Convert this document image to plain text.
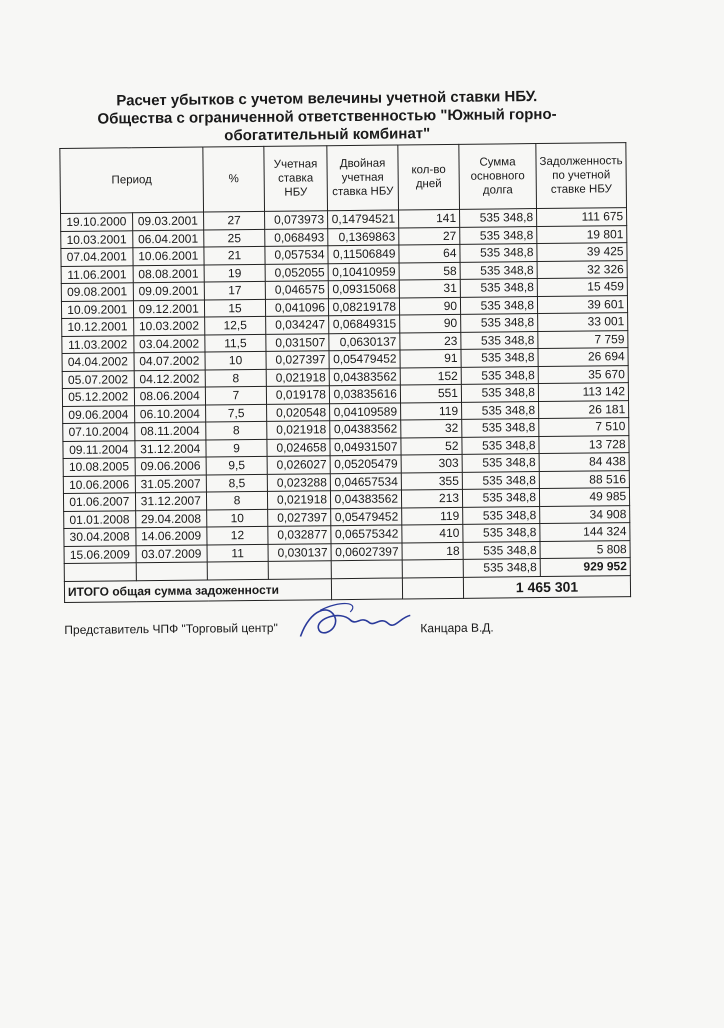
Расчет убытков с учетом велечины учетной ставки НБУ.
Общества с ограниченной ответственностью "Южный горно-
обогатительный комбинат"
Период		%	Учетная ставка НБУ	Двойная учетная ставка НБУ	кол-во дней	Сумма основного долга	Задолженность по учетной ставке НБУ
19.10.2000	09.03.2001	27	0,073973	0,14794521	141	535 348,8	111 675
10.03.2001	06.04.2001	25	0,068493	0,1369863	27	535 348,8	19 801
07.04.2001	10.06.2001	21	0,057534	0,11506849	64	535 348,8	39 425
11.06.2001	08.08.2001	19	0,052055	0,10410959	58	535 348,8	32 326
09.08.2001	09.09.2001	17	0,046575	0,09315068	31	535 348,8	15 459
10.09.2001	09.12.2001	15	0,041096	0,08219178	90	535 348,8	39 601
10.12.2001	10.03.2002	12,5	0,034247	0,06849315	90	535 348,8	33 001
11.03.2002	03.04.2002	11,5	0,031507	0,0630137	23	535 348,8	7 759
04.04.2002	04.07.2002	10	0,027397	0,05479452	91	535 348,8	26 694
05.07.2002	04.12.2002	8	0,021918	0,04383562	152	535 348,8	35 670
05.12.2002	08.06.2004	7	0,019178	0,03835616	551	535 348,8	113 142
09.06.2004	06.10.2004	7,5	0,020548	0,04109589	119	535 348,8	26 181
07.10.2004	08.11.2004	8	0,021918	0,04383562	32	535 348,8	7 510
09.11.2004	31.12.2004	9	0,024658	0,04931507	52	535 348,8	13 728
10.08.2005	09.06.2006	9,5	0,026027	0,05205479	303	535 348,8	84 438
10.06.2006	31.05.2007	8,5	0,023288	0,04657534	355	535 348,8	88 516
01.06.2007	31.12.2007	8	0,021918	0,04383562	213	535 348,8	49 985
01.01.2008	29.04.2008	10	0,027397	0,05479452	119	535 348,8	34 908
30.04.2008	14.06.2009	12	0,032877	0,06575342	410	535 348,8	144 324
15.06.2009	03.07.2009	11	0,030137	0,06027397	18	535 348,8	5 808
						535 348,8	929 952
ИТОГО общая сумма задоженности						1 465 301	
Представитель ЧПФ "Торговый центр"	Канцара В.Д.
